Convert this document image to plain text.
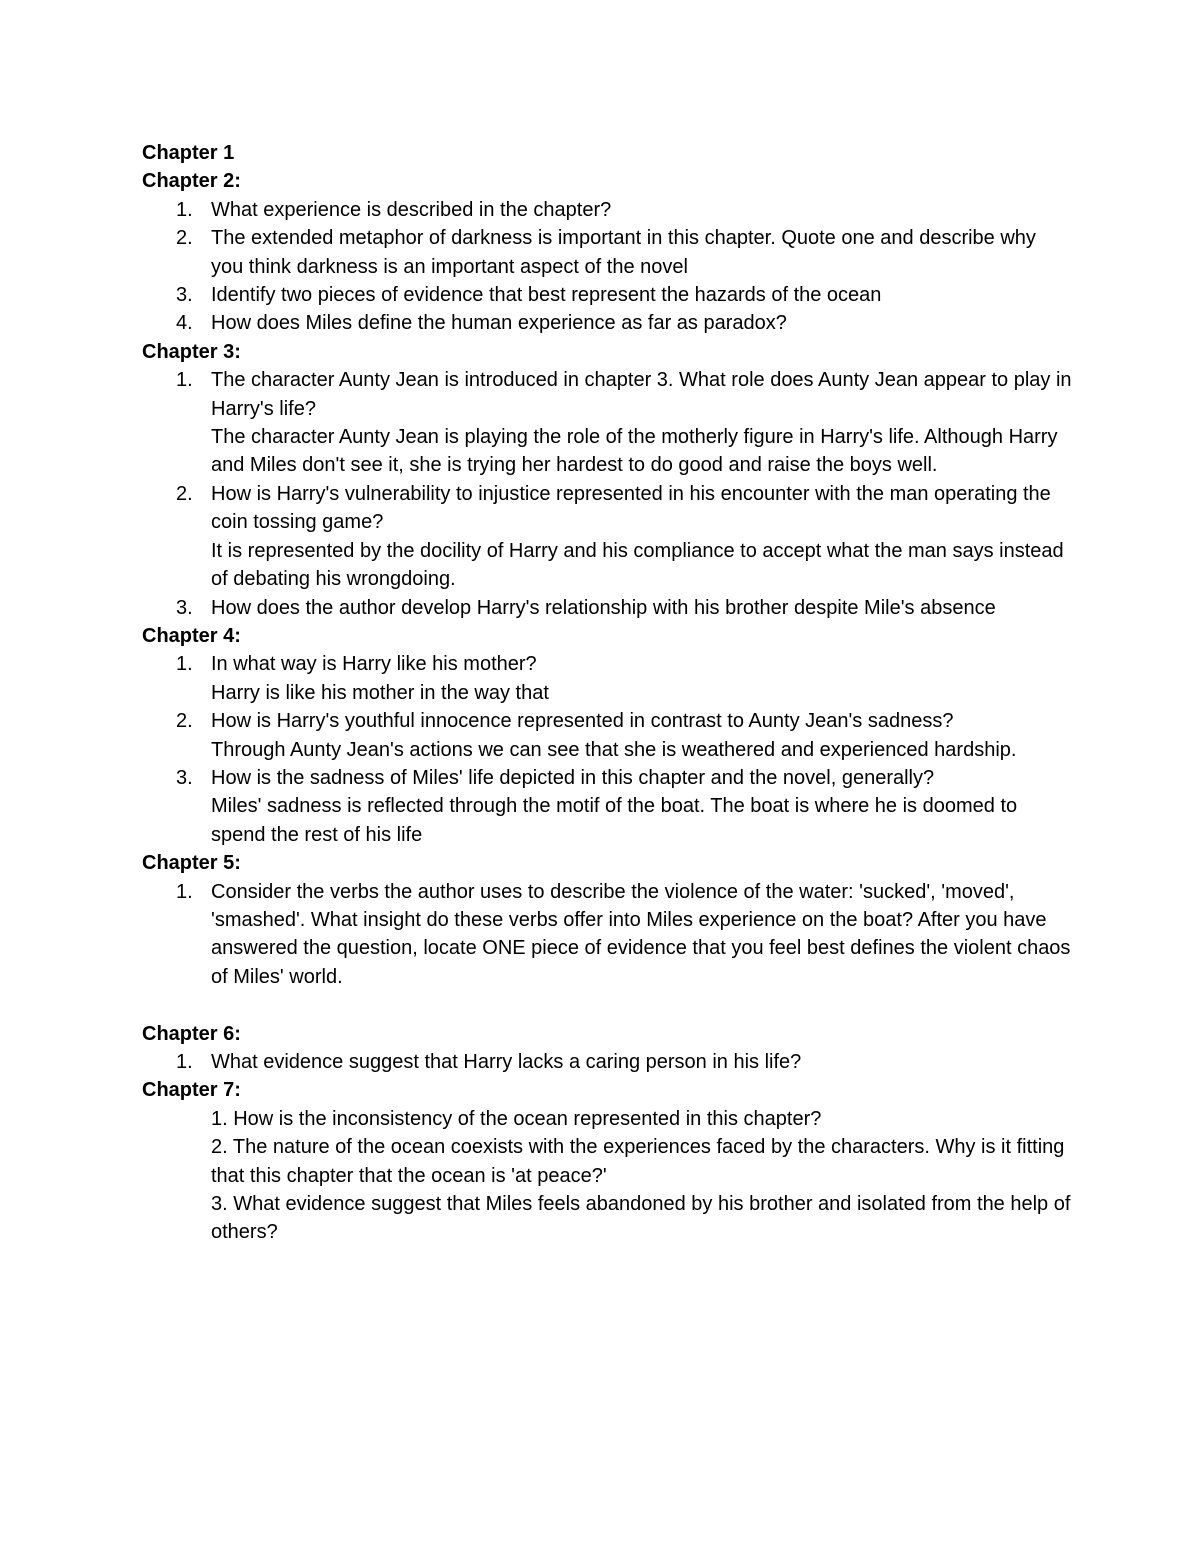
Chapter 1
Chapter 2:
1. What experience is described in the chapter?
2. The extended metaphor of darkness is important in this chapter. Quote one and describe why you think darkness is an important aspect of the novel
3. Identify two pieces of evidence that best represent the hazards of the ocean
4. How does Miles define the human experience as far as paradox?
Chapter 3:
1. The character Aunty Jean is introduced in chapter 3. What role does Aunty Jean appear to play in Harry's life?
The character Aunty Jean is playing the role of the motherly figure in Harry's life. Although Harry and Miles don't see it, she is trying her hardest to do good and raise the boys well.
2. How is Harry's vulnerability to injustice represented in his encounter with the man operating the coin tossing game?
It is represented by the docility of Harry and his compliance to accept what the man says instead of debating his wrongdoing.
3. How does the author develop Harry's relationship with his brother despite Mile's absence
Chapter 4:
1. In what way is Harry like his mother?
Harry is like his mother in the way that
2. How is Harry's youthful innocence represented in contrast to Aunty Jean's sadness?
Through Aunty Jean's actions we can see that she is weathered and experienced hardship.
3. How is the sadness of Miles' life depicted in this chapter and the novel, generally?
Miles' sadness is reflected through the motif of the boat. The boat is where he is doomed to spend the rest of his life
Chapter 5:
1. Consider the verbs the author uses to describe the violence of the water: 'sucked', 'moved', 'smashed'. What insight do these verbs offer into Miles experience on the boat? After you have answered the question, locate ONE piece of evidence that you feel best defines the violent chaos of Miles' world.
Chapter 6:
1. What evidence suggest that Harry lacks a caring person in his life?
Chapter 7:
1. How is the inconsistency of the ocean represented in this chapter?
2. The nature of the ocean coexists with the experiences faced by the characters. Why is it fitting that this chapter that the ocean is 'at peace?'
3. What evidence suggest that Miles feels abandoned by his brother and isolated from the help of others?
